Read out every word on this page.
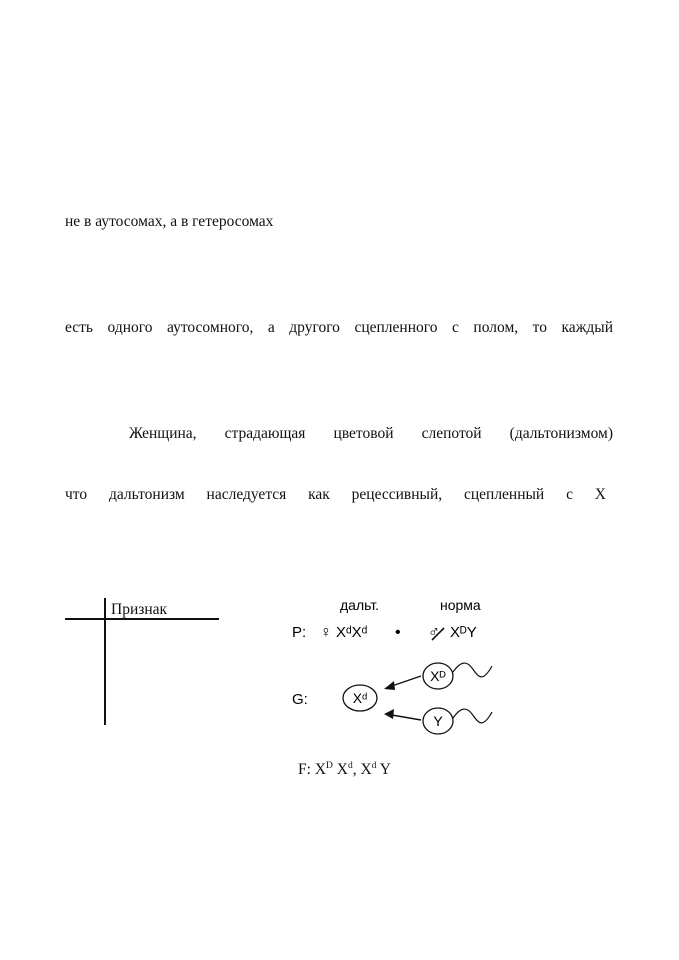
не в аутосомах, а в гетеросомах
есть одного аутосомного, а другого сцепленного с полом, то каждый
Женщина, страдающая цветовой слепотой (дальтонизмом)
что дальтонизм наследуется как рецессивный, сцепленный с X
Признак	дальт.	норма
P: ♀ XᵈXᵈ • ♂ XᴰY
G:	Xᵈ
Xᴰ
Y
F: $X^D$ $X^d$, $X^d$ Y
